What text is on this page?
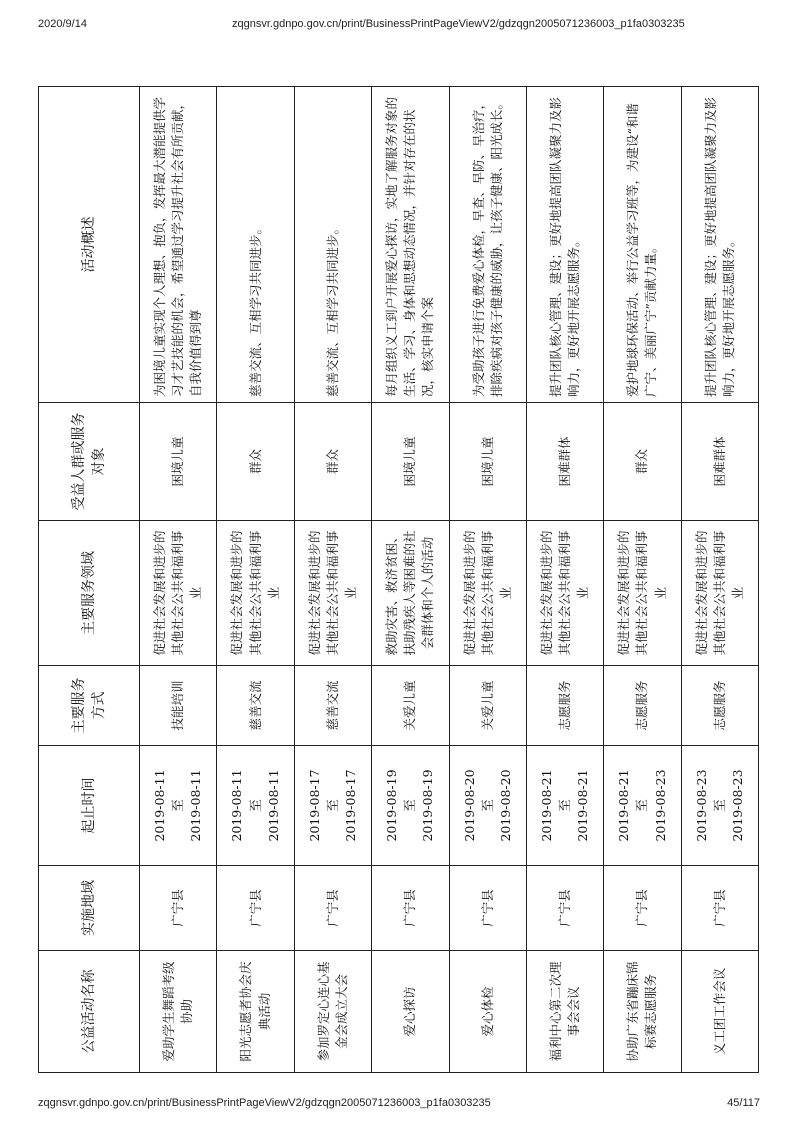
2020/9/14	zqgnsvr.gdnpo.gov.cn/print/BusinessPrintPageViewV2/gdzqgn2005071236003_p1fa0303235
公益活动名称	实施地域	起止时间	主要服务方式	主要服务领域	受益人群或服务对象	活动概述
爱助学生舞蹈考级协助	广宁县	2019-08-11 至 2019-08-11	技能培训	促进社会发展和进步的其他社会公共和福利事业	困境儿童	为困境儿童实现个人理想、抱负，发挥最大潜能提供学习才艺技能的机会，希望通过学习提升社会有所贡献，自我价值得到尊
阳光志愿者协会庆典活动	广宁县	2019-08-11 至 2019-08-11	慈善交流	促进社会发展和进步的其他社会公共和福利事业	群众	慈善交流、互相学习共同进步。
参加罗定心连心基金会成立大会	广宁县	2019-08-17 至 2019-08-17	慈善交流	促进社会发展和进步的其他社会公共和福利事业	群众	慈善交流、互相学习共同进步。
爱心探访	广宁县	2019-08-19 至 2019-08-19	关爱儿童	救助灾害、救济贫困、扶助残疾人等困难的社会群体和个人的活动	困境儿童	每月组织义工到户开展爱心探访，实地了解服务对象的生活、学习、身体和思想动态情况，并针对存在的状况，核实申请个案
爱心体检	广宁县	2019-08-20 至 2019-08-20	关爱儿童	促进社会发展和进步的其他社会公共和福利事业	困境儿童	为受助孩子进行免费爱心体检，早查、早防、早治疗，排除疾病对孩子健康的威胁，让孩子健康、阳光成长。
福利中心第二次理事会会议	广宁县	2019-08-21 至 2019-08-21	志愿服务	促进社会发展和进步的其他社会公共和福利事业	困难群体	提升团队核心管理、建设；更好地提高团队凝聚力及影响力，更好地开展志愿服务。
协助广东省蹦床锦标赛志愿服务	广宁县	2019-08-21 至 2019-08-23	志愿服务	促进社会发展和进步的其他社会公共和福利事业	群众	爱护地球环保活动、举行公益学习班等，为建设“和谐广宁、美丽广宁”贡献力量。
义工团工作会议	广宁县	2019-08-23 至 2019-08-23	志愿服务	促进社会发展和进步的其他社会公共和福利事业	困难群体	提升团队核心管理、建设；更好地提高团队凝聚力及影响力，更好地开展志愿服务。
zqgnsvr.gdnpo.gov.cn/print/BusinessPrintPageViewV2/gdzqgn2005071236003_p1fa0303235	45/117
